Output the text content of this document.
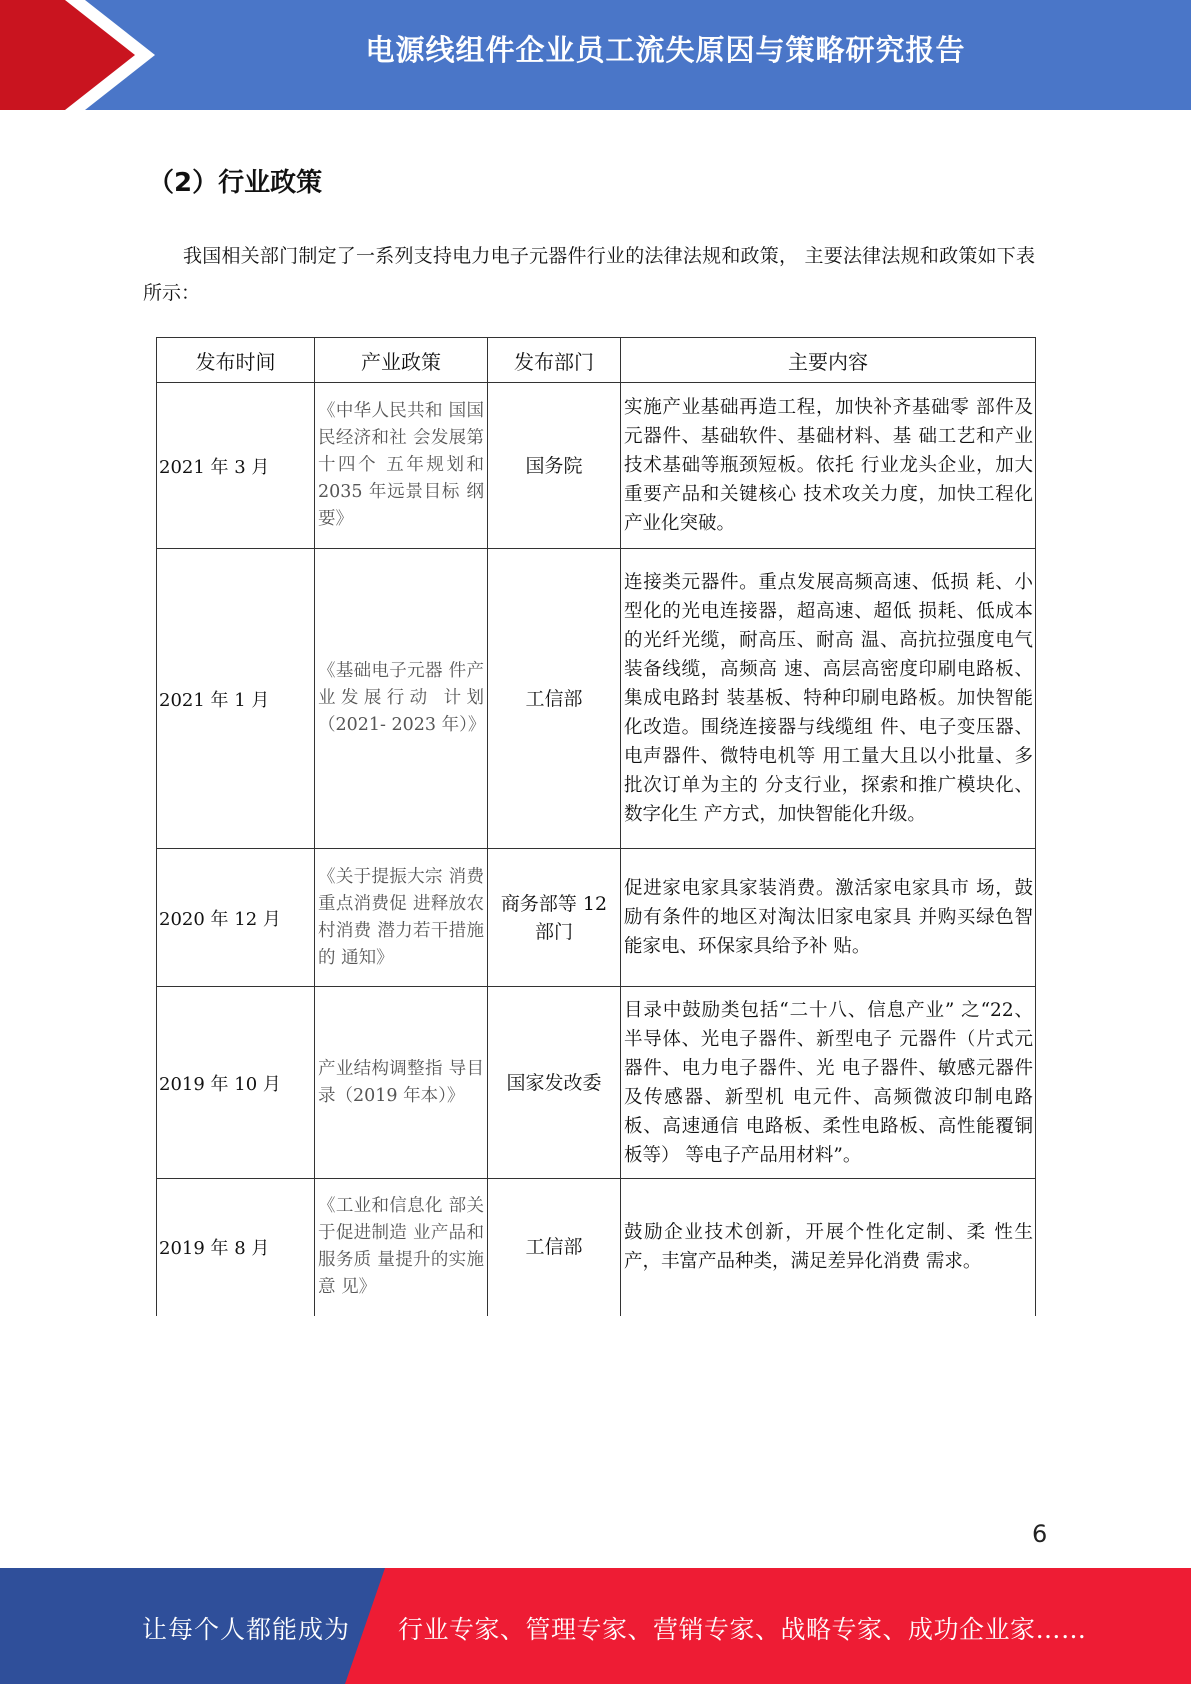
电源线组件企业员工流失原因与策略研究报告
（2）行业政策
我国相关部门制定了一系列支持电力电子元器件行业的法律法规和政策， 主要法律法规和政策如下表所示：
发布时间	产业政策	发布部门	主要内容
2021 年 3 月	《中华人民共和 国国民经济和社 会发展第十四个 五年规划和 2035 年远景目标 纲要》	国务院	实施产业基础再造工程，加快补齐基础零 部件及元器件、基础软件、基础材料、基 础工艺和产业技术基础等瓶颈短板。依托 行业龙头企业，加大重要产品和关键核心 技术攻关力度，加快工程化产业化突破。
2021 年 1 月	《基础电子元器 件产业发展行动 计划（2021- 2023 年）》	工信部	连接类元器件。重点发展高频高速、低损 耗、小型化的光电连接器，超高速、超低 损耗、低成本的光纤光缆，耐高压、耐高 温、高抗拉强度电气装备线缆，高频高 速、高层高密度印刷电路板、集成电路封 装基板、特种印刷电路板。加快智能化改造。围绕连接器与线缆组 件、电子变压器、电声器件、微特电机等 用工量大且以小批量、多批次订单为主的 分支行业，探索和推广模块化、数字化生 产方式，加快智能化升级。
2020 年 12 月	《关于提振大宗 消费重点消费促 进释放农村消费 潜力若干措施的 通知》	商务部等 12 部门	促进家电家具家装消费。激活家电家具市 场，鼓励有条件的地区对淘汰旧家电家具 并购买绿色智能家电、环保家具给予补 贴。
2019 年 10 月	产业结构调整指 导目录（2019 年本）》	国家发改委	目录中鼓励类包括“二十八、信息产业” 之“22、半导体、光电子器件、新型电子 元器件（片式元器件、电力电子器件、光 电子器件、敏感元器件及传感器、新型机 电元件、高频微波印制电路板、高速通信 电路板、柔性电路板、高性能覆铜板等） 等电子产品用材料”。
2019 年 8 月	《工业和信息化 部关于促进制造 业产品和服务质 量提升的实施意 见》	工信部	鼓励企业技术创新，开展个性化定制、柔 性生产，丰富产品种类，满足差异化消费 需求。
6
让每个人都能成为 行业专家、管理专家、营销专家、战略专家、成功企业家……
